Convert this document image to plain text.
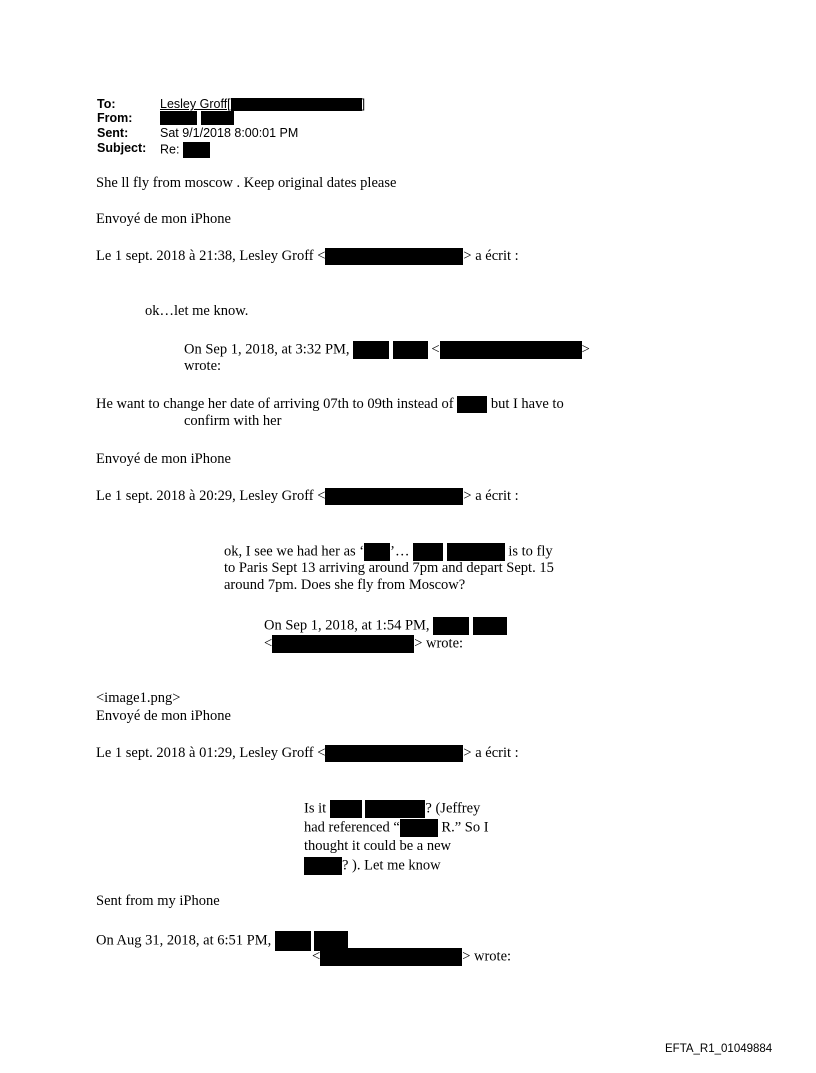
To:	Lesley Groff[	]
From:
Sent:	Sat 9/1/2018 8:00:01 PM
Subject: Re:
She ll fly from moscow . Keep original dates please
Envoyé de mon iPhone
Le 1 sept. 2018 à 21:38, Lesley Groff <	> a écrit :
ok…let me know.
On Sep 1, 2018, at 3:32 PM,	<	>
wrote:
He want to change her date of arriving 07th to 09th instead of	but I have to
confirm with her
Envoyé de mon iPhone
Le 1 sept. 2018 à 20:29, Lesley Groff <	> a écrit :
ok, I see we had her as ‘ ’…	is to fly
to Paris Sept 13 arriving around 7pm and depart Sept. 15
around 7pm. Does she fly from Moscow?
On Sep 1, 2018, at 1:54 PM,
<	> wrote:
<image1.png>
Envoyé de mon iPhone
Le 1 sept. 2018 à 01:29, Lesley Groff <	> a écrit :
Is it	? (Jeffrey
had referenced “	R.” So I
thought it could be a new
? ). Let me know
Sent from my iPhone
On Aug 31, 2018, at 6:51 PM,
<	> wrote:
EFTA_R1_01049884
